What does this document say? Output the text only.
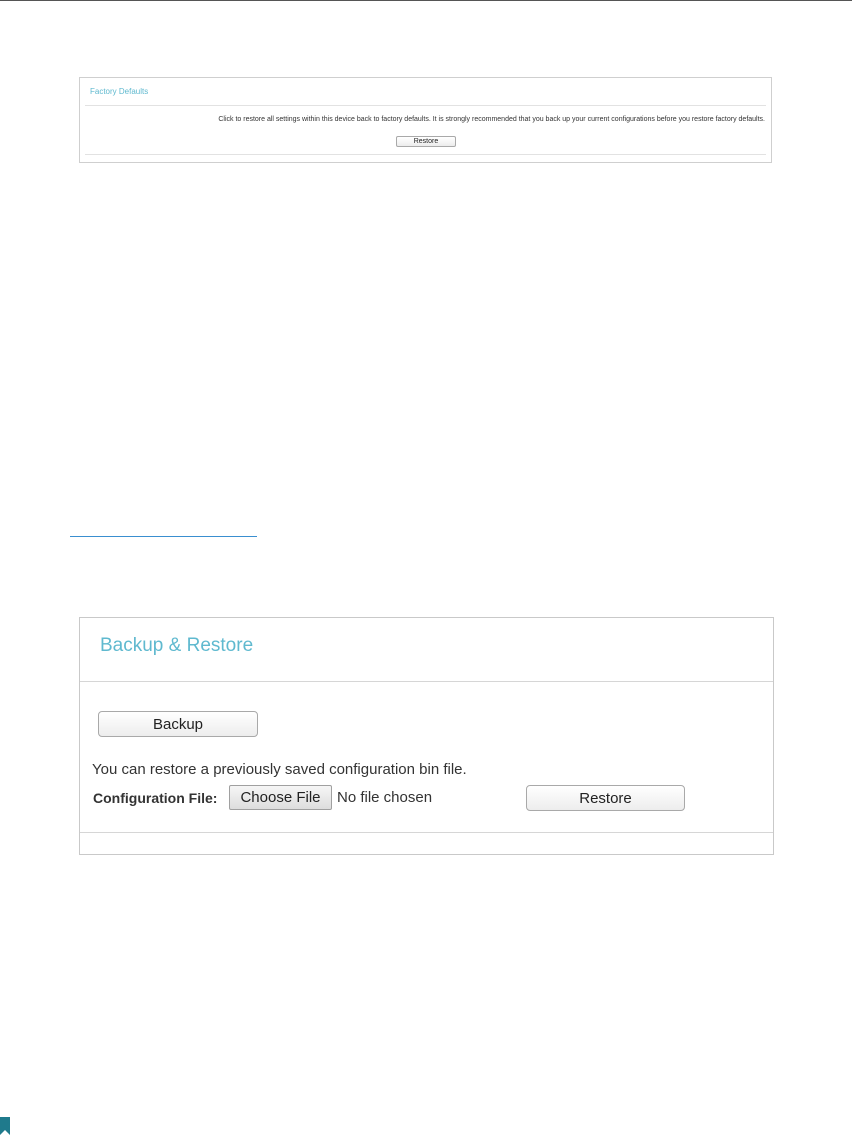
Factory Defaults
Click to restore all settings within this device back to factory defaults. It is strongly recommended that you back up your current configurations before you restore factory defaults.
Restore
Backup & Restore
Backup
You can restore a previously saved configuration bin file.
Configuration File:	Choose File	No file chosen	Restore
